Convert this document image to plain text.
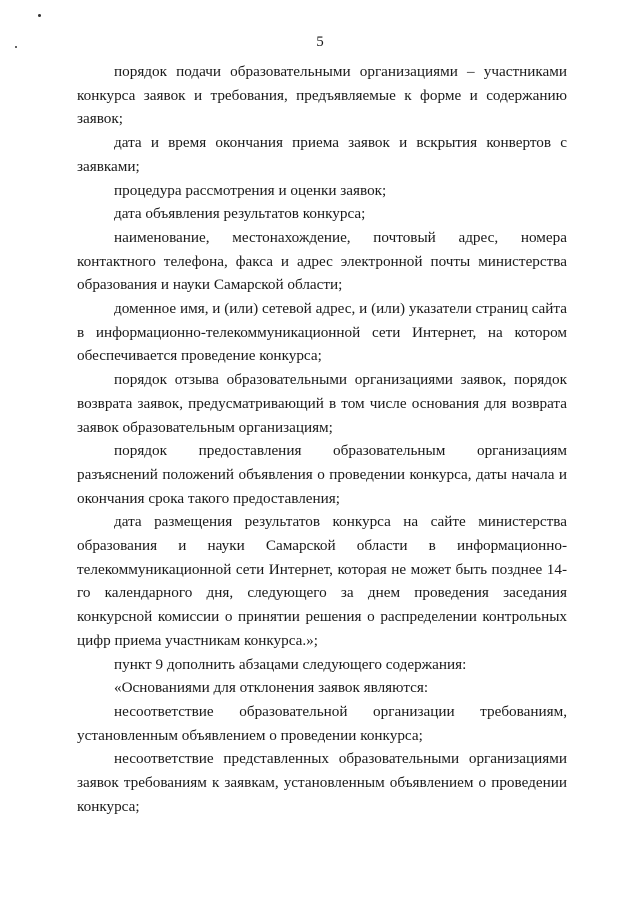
5

порядок подачи образовательными организациями – участниками конкурса заявок и требования, предъявляемые к форме и содержанию заявок;

дата и время окончания приема заявок и вскрытия конвертов с заявками;

процедура рассмотрения и оценки заявок;

дата объявления результатов конкурса;

наименование, местонахождение, почтовый адрес, номера контактного телефона, факса и адрес электронной почты министерства образования и науки Самарской области;

доменное имя, и (или) сетевой адрес, и (или) указатели страниц сайта в информационно-телекоммуникационной сети Интернет, на котором обеспечивается проведение конкурса;

порядок отзыва образовательными организациями заявок, порядок возврата заявок, предусматривающий в том числе основания для возврата заявок образовательным организациям;

порядок предоставления образовательным организациям разъяснений положений объявления о проведении конкурса, даты начала и окончания срока такого предоставления;

дата размещения результатов конкурса на сайте министерства образования и науки Самарской области в информационно-телекоммуникационной сети Интернет, которая не может быть позднее 14-го календарного дня, следующего за днем проведения заседания конкурсной комиссии о принятии решения о распределении контрольных цифр приема участникам конкурса.»;

пункт 9 дополнить абзацами следующего содержания:

«Основаниями для отклонения заявок являются:

несоответствие образовательной организации требованиям, установленным объявлением о проведении конкурса;

несоответствие представленных образовательными организациями заявок требованиям к заявкам, установленным объявлением о проведении конкурса;
